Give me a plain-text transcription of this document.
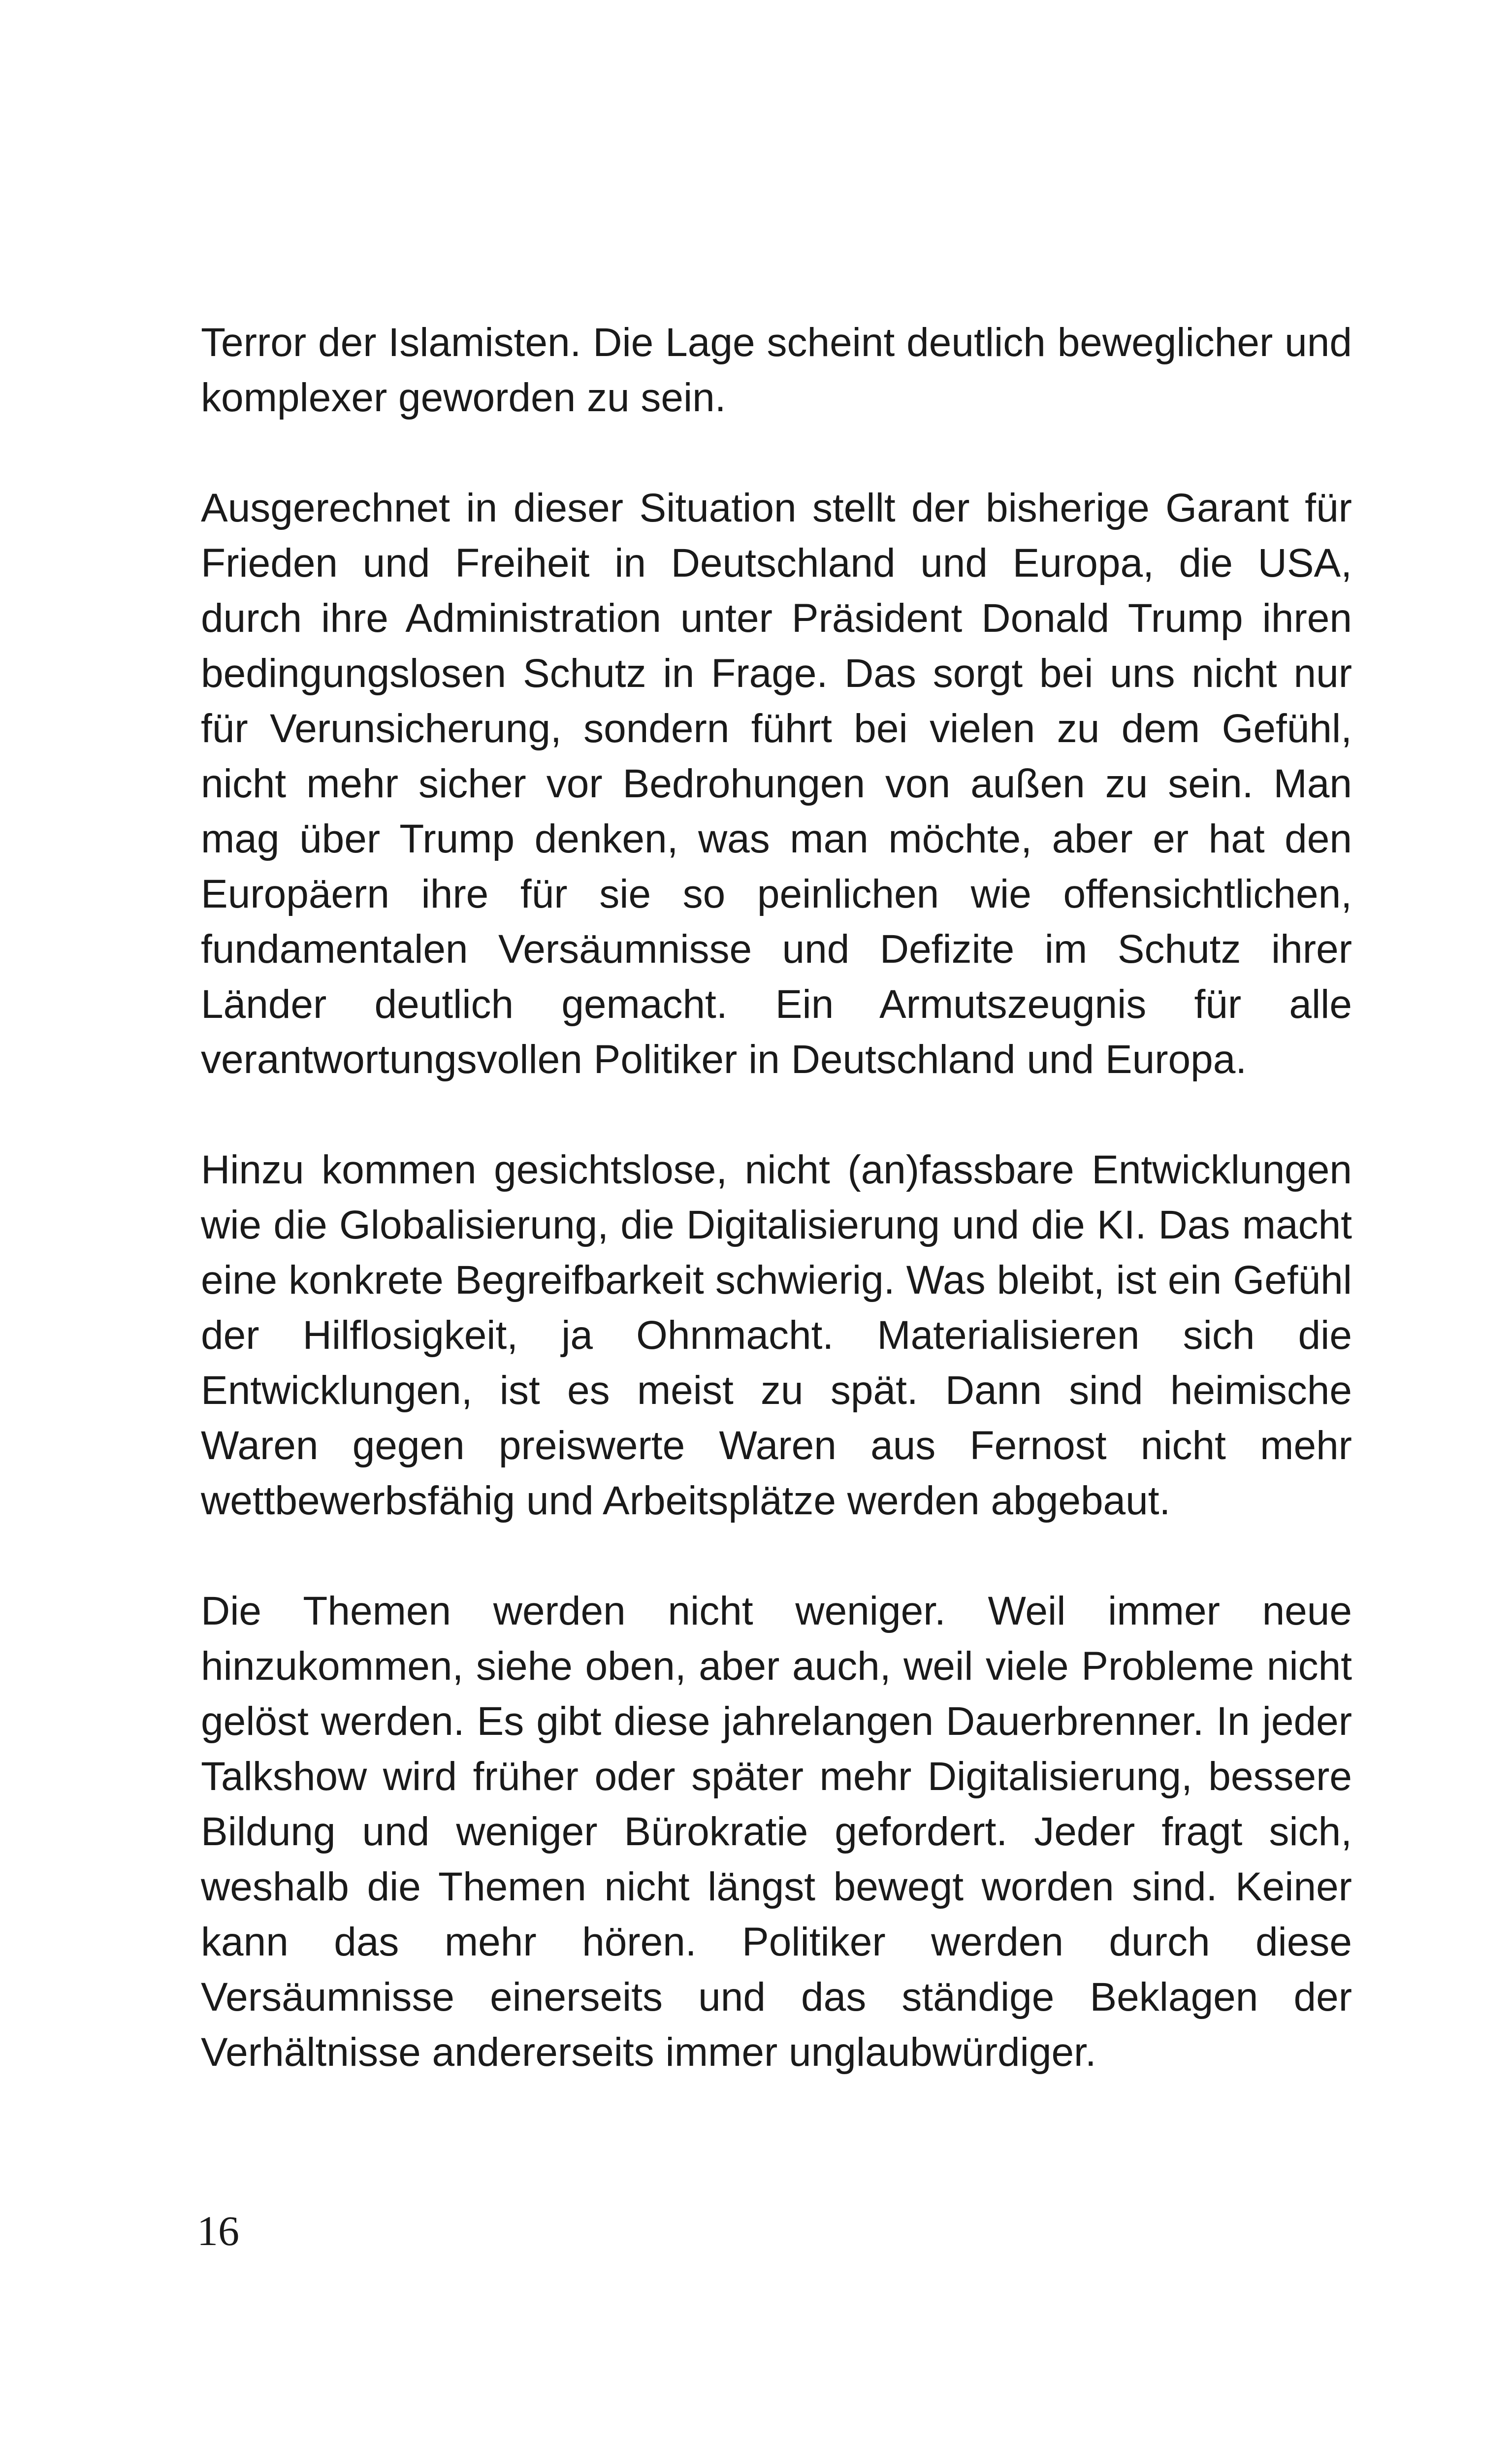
Terror der Islamisten. Die Lage scheint deutlich beweglicher und komplexer geworden zu sein.

Ausgerechnet in dieser Situation stellt der bisherige Garant für Frieden und Freiheit in Deutschland und Europa, die USA, durch ihre Administration unter Präsident Donald Trump ihren bedingungslosen Schutz in Frage. Das sorgt bei uns nicht nur für Verunsicherung, sondern führt bei vielen zu dem Gefühl, nicht mehr sicher vor Bedrohungen von außen zu sein. Man mag über Trump denken, was man möchte, aber er hat den Europäern ihre für sie so peinlichen wie offensichtlichen, fundamentalen Versäumnisse und Defizite im Schutz ihrer Länder deutlich gemacht. Ein Armutszeugnis für alle verantwortungsvollen Politiker in Deutschland und Europa.

Hinzu kommen gesichtslose, nicht (an)fassbare Entwicklungen wie die Globalisierung, die Digitalisierung und die KI. Das macht eine konkrete Begreifbarkeit schwierig. Was bleibt, ist ein Gefühl der Hilflosigkeit, ja Ohnmacht. Materialisieren sich die Entwicklungen, ist es meist zu spät. Dann sind heimische Waren gegen preiswerte Waren aus Fernost nicht mehr wettbewerbsfähig und Arbeitsplätze werden abgebaut.

Die Themen werden nicht weniger. Weil immer neue hinzukommen, siehe oben, aber auch, weil viele Probleme nicht gelöst werden. Es gibt diese jahrelangen Dauerbrenner. In jeder Talkshow wird früher oder später mehr Digitalisierung, bessere Bildung und weniger Bürokratie gefordert. Jeder fragt sich, weshalb die Themen nicht längst bewegt worden sind. Keiner kann das mehr hören. Politiker werden durch diese Versäumnisse einerseits und das ständige Beklagen der Verhältnisse andererseits immer unglaubwürdiger.

16
